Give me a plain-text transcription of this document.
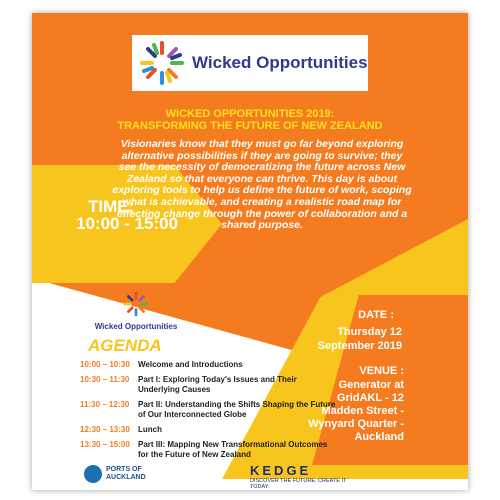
Wicked Opportunities
WICKED OPPORTUNITIES 2019:
TRANSFORMING THE FUTURE OF NEW ZEALAND

Visionaries know that they must go far beyond exploring alternative possibilities if they are going to survive; they see the necessity of democratizing the future across New Zealand so that everyone can thrive. This day is about exploring tools to help us define the future of work, scoping what is achievable, and creating a realistic road map for effecting change through the power of collaboration and a shared purpose.

TIME:
10:00 - 15:00
Wicked Opportunities
AGENDA
10:00 – 10:30	Welcome and Introductions
10:30 – 11:30	Part I: Exploring Today's Issues and Their Underlying Causes
11:30 – 12:30	Part II: Understanding the Shifts Shaping the Future of Our Interconnected Globe
12:30 – 13:30	Lunch
13:30 – 15:00	Part III: Mapping New Transformational Outcomes for the Future of New Zealand
DATE :
Thursday 12 September 2019
VENUE :
Generator at GridAKL - 12 Madden Street - Wynyard Quarter - Auckland
PORTS OF
AUCKLAND	KEDGE
DISCOVER THE FUTURE. CREATE IT TODAY.
